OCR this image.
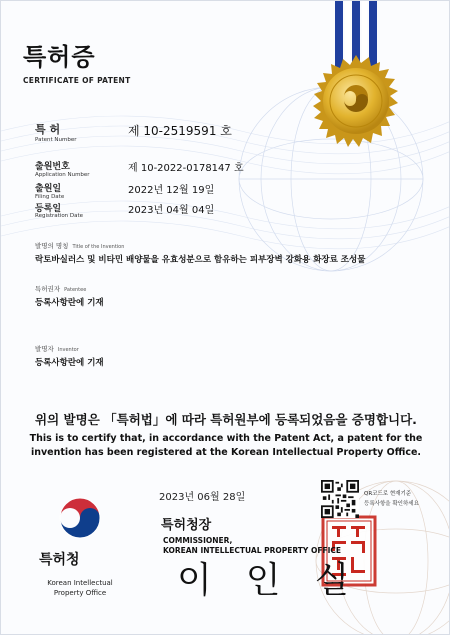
특허증
CERTIFICATE OF PATENT
특 허
Patent Number
제 10-2519591 호
출원번호
Application Number
제 10-2022-0178147 호
출원일
Filing Date
2022년 12월 19일
등록일
Registration Date	2023년 04월 04일
발명의 명칭 Title of the Invention
락토바실러스 및 비타민 배양물을 유효성분으로 함유하는 피부장벽 강화용 화장료 조성물
특허권자 Patentee
등록사항란에 기재
발명자 Inventor
등록사항란에 기재
위의 발명은 「특허법」에 따라 특허원부에 등록되었음을 증명합니다.
This is to certify that, in accordance with the Patent Act, a patent for the
invention has been registered at the Korean Intellectual Property Office.
2023년 06월 28일	QR코드로 현재기준
등록사항을 확인하세요
특허청
Korean Intellectual
Property Office
특허청장
COMMISSIONER,
KOREAN INTELLECTUAL PROPERTY OFFICE
이인실
